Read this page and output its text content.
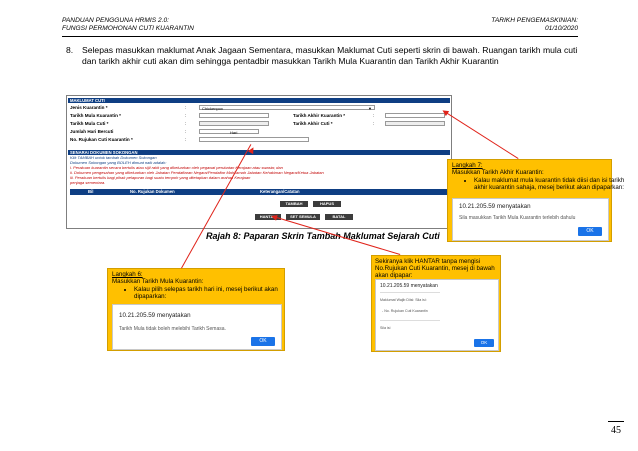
PANDUAN PENGGUNA HRMIS 2.0:
FUNGSI PERMOHONAN CUTI KUARANTIN
TARIKH PENGEMASKINIAN:
01/10/2020
8. Selepas masukkan maklumat Anak Jagaan Sementara, masukkan Maklumat Cuti seperti skrin di bawah. Ruangan tarikh mula cuti dan tarikh akhir cuti akan dim sehingga pentadbir masukkan Tarikh Mula Kuarantin dan Tarikh Akhir Kuarantin
MAKLUMAT CUTI
Jenis Kuarantin *	:	Chickenpox	▼
Tarikh Mula Kuarantin *	:	Tarikh Akhir Kuarantin *	:
Tarikh Mula Cuti *	:	Tarikh Akhir Cuti *	:
Jumlah Hari Bercuti	:	Hari
No. Rujukan Cuti Kuarantin *	:
SENARAI DOKUMEN SOKONGAN
Klik TAMBAH untuk tambah Dokumen Sokongan
Dokumen Sokongan yang BOLEH dimuat naik adalah:
i. Perakuan kuarantin secara bertulis atau sijil rakit yang dikeluarkan oleh pegawai perubatan Kerajaan atau swasta; dan
ii. Dokumen pengesahan yang dikeluarkan oleh Jabatan Pendaftaran Negara/Pendaftar Mahkamah Jabatan Kehakiman Negara/Ketua Jabatan
iii. Perakuan bertulis bagi pihak pelaporan bagi suatu tempoh yang ditetapkan dalam arahan Kerajaan
penjaga sementara.
Bil	No. Rujukan Dokumen	Keterangan/Catatan
TAMBAH	HAPUS
HANTAR	SET SEMULA	BATAL
Rajah 8: Paparan Skrin Tambah Maklumat Sejarah Cuti
Langkah 7:
Masukkan Tarikh Akhir Kuarantin:
• Kalau maklumat mula kuarantin tidak diisi dan isi tarikh akhir kuarantin sahaja, mesej berikut akan dipaparkan:
10.21.205.59 menyatakan
Sila masukkan Tarikh Mula Kuarantin terlebih dahulu
OK
Langkah 6:
Masukkan Tarikh Mula Kuarantin:
• Kalau pilih selepas tarikh hari ini, mesej berikut akan dipaparkan:
10.21.205.59 menyatakan
Tarikh Mula tidak boleh melebihi Tarikh Semasa.
OK
Sekiranya klik HANTAR tanpa mengisi No.Rujukan Cuti Kuarantin, mesej di bawah akan dipapar:
10.21.205.59 menyatakan
Maklumat Wajib Diisi: Sila isi:
- No. Rujukan Cuti Kuarantin
Sila isi
OK
45
